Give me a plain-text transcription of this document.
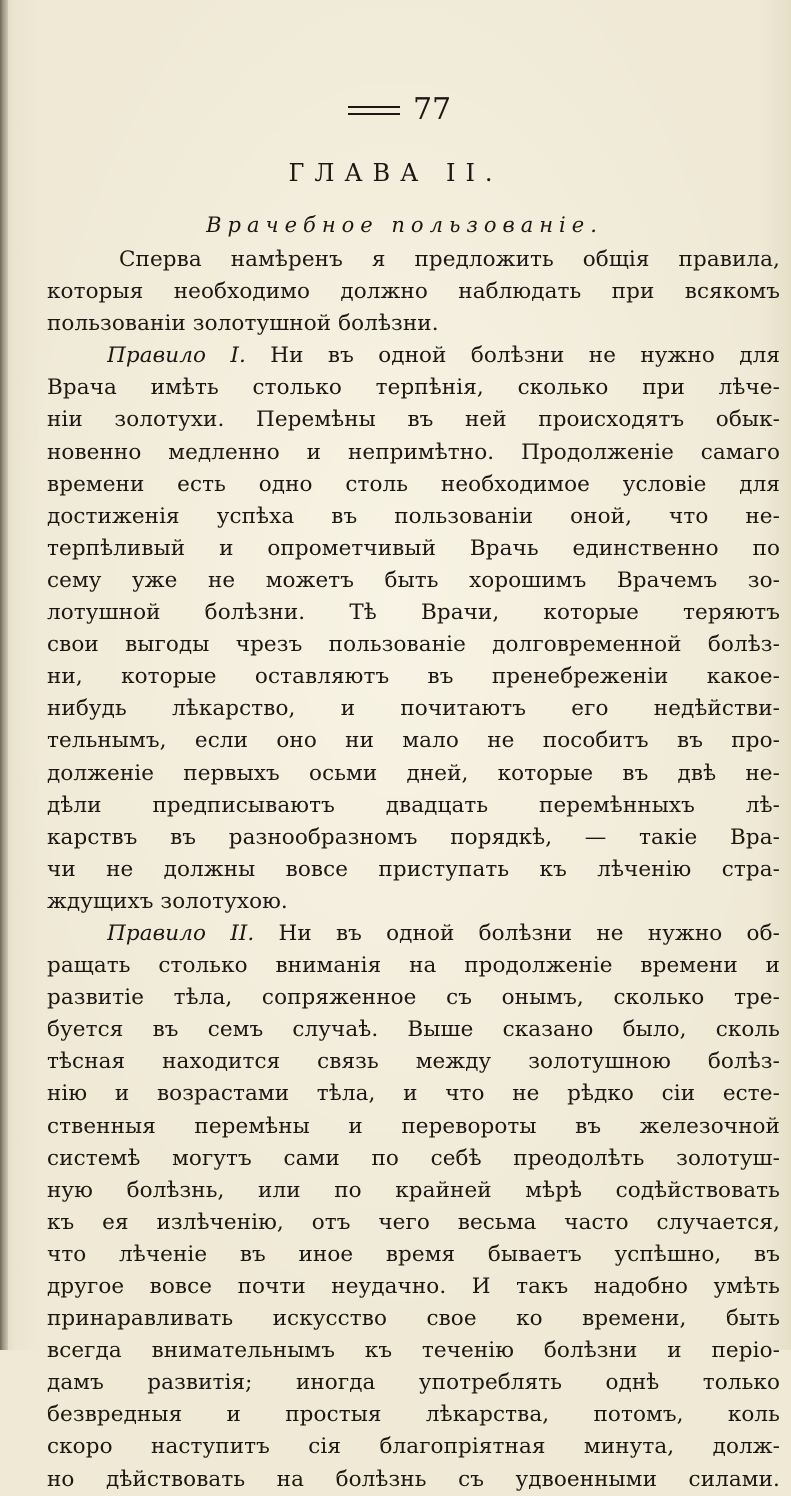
77
ГЛАВА II.
Врачебное пользованіе.
Сперва намѣренъ я предложить общія правила,
которыя необходимо должно наблюдать при всякомъ
пользованіи золотушной болѣзни.
Правило I. Ни въ одной болѣзни не нужно для
Врача имѣть столько терпѣнія, сколько при лѣче-
ніи золотухи. Перемѣны въ ней происходятъ обык-
новенно медленно и непримѣтно. Продолженіе самаго
времени есть одно столь необходимое условіе для
достиженія успѣха въ пользованіи оной, что не-
терпѣливый и опрометчивый Врачь единственно по
сему уже не можетъ быть хорошимъ Врачемъ зо-
лотушной болѣзни. Тѣ Врачи, которые теряютъ
свои выгоды чрезъ пользованіе долговременной болѣз-
ни, которые оставляютъ въ пренебреженіи какое-
нибудь лѣкарство, и почитаютъ его недѣйстви-
тельнымъ, если оно ни мало не пособитъ въ про-
долженіе первыхъ осьми дней, которые въ двѣ не-
дѣли предписываютъ двадцать перемѣнныхъ лѣ-
карствъ въ разнообразномъ порядкѣ, — такіе Вра-
чи не должны вовсе приступать къ лѣченію стра-
ждущихъ золотухою.
Правило II. Ни въ одной болѣзни не нужно об-
ращать столько вниманія на продолженіе времени и
развитіе тѣла, сопряженное съ онымъ, сколько тре-
буется въ семъ случаѣ. Выше сказано было, сколь
тѣсная находится связь между золотушною болѣз-
нію и возрастами тѣла, и что не рѣдко сіи есте-
ственныя перемѣны и перевороты въ железочной
системѣ могутъ сами по себѣ преодолѣть золотуш-
ную болѣзнь, или по крайней мѣрѣ содѣйствовать
къ ея излѣченію, отъ чего весьма часто случается,
что лѣченіе въ иное время бываетъ успѣшно, въ
другое вовсе почти неудачно. И такъ надобно умѣть
принаравливать искусство свое ко времени, быть
всегда внимательнымъ къ теченію болѣзни и періо-
дамъ развитія; иногда употреблять однѣ только
безвредныя и простыя лѣкарства, потомъ, коль
скоро наступитъ сія благопріятная минута, долж-
но дѣйствовать на болѣзнь съ удвоенными силами.
